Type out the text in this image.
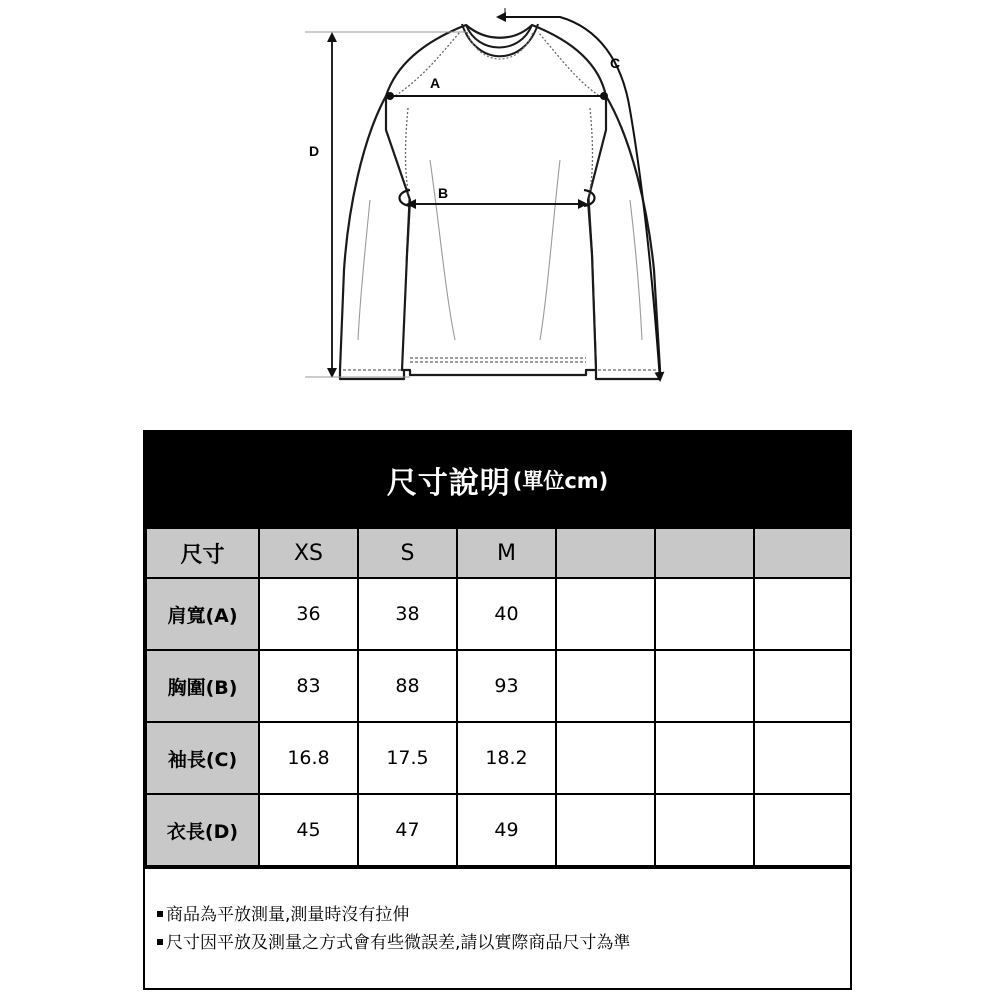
A
B
C
D
尺寸說明 (單位cm)
尺寸	XS	S	M			
肩寬(A)	36	38	40			
胸圍(B)	83	88	93			
袖長(C)	16.8	17.5	18.2			
衣長(D)	45	47	49			
商品為平放測量,測量時沒有拉伸
尺寸因平放及測量之方式會有些微誤差,請以實際商品尺寸為準
